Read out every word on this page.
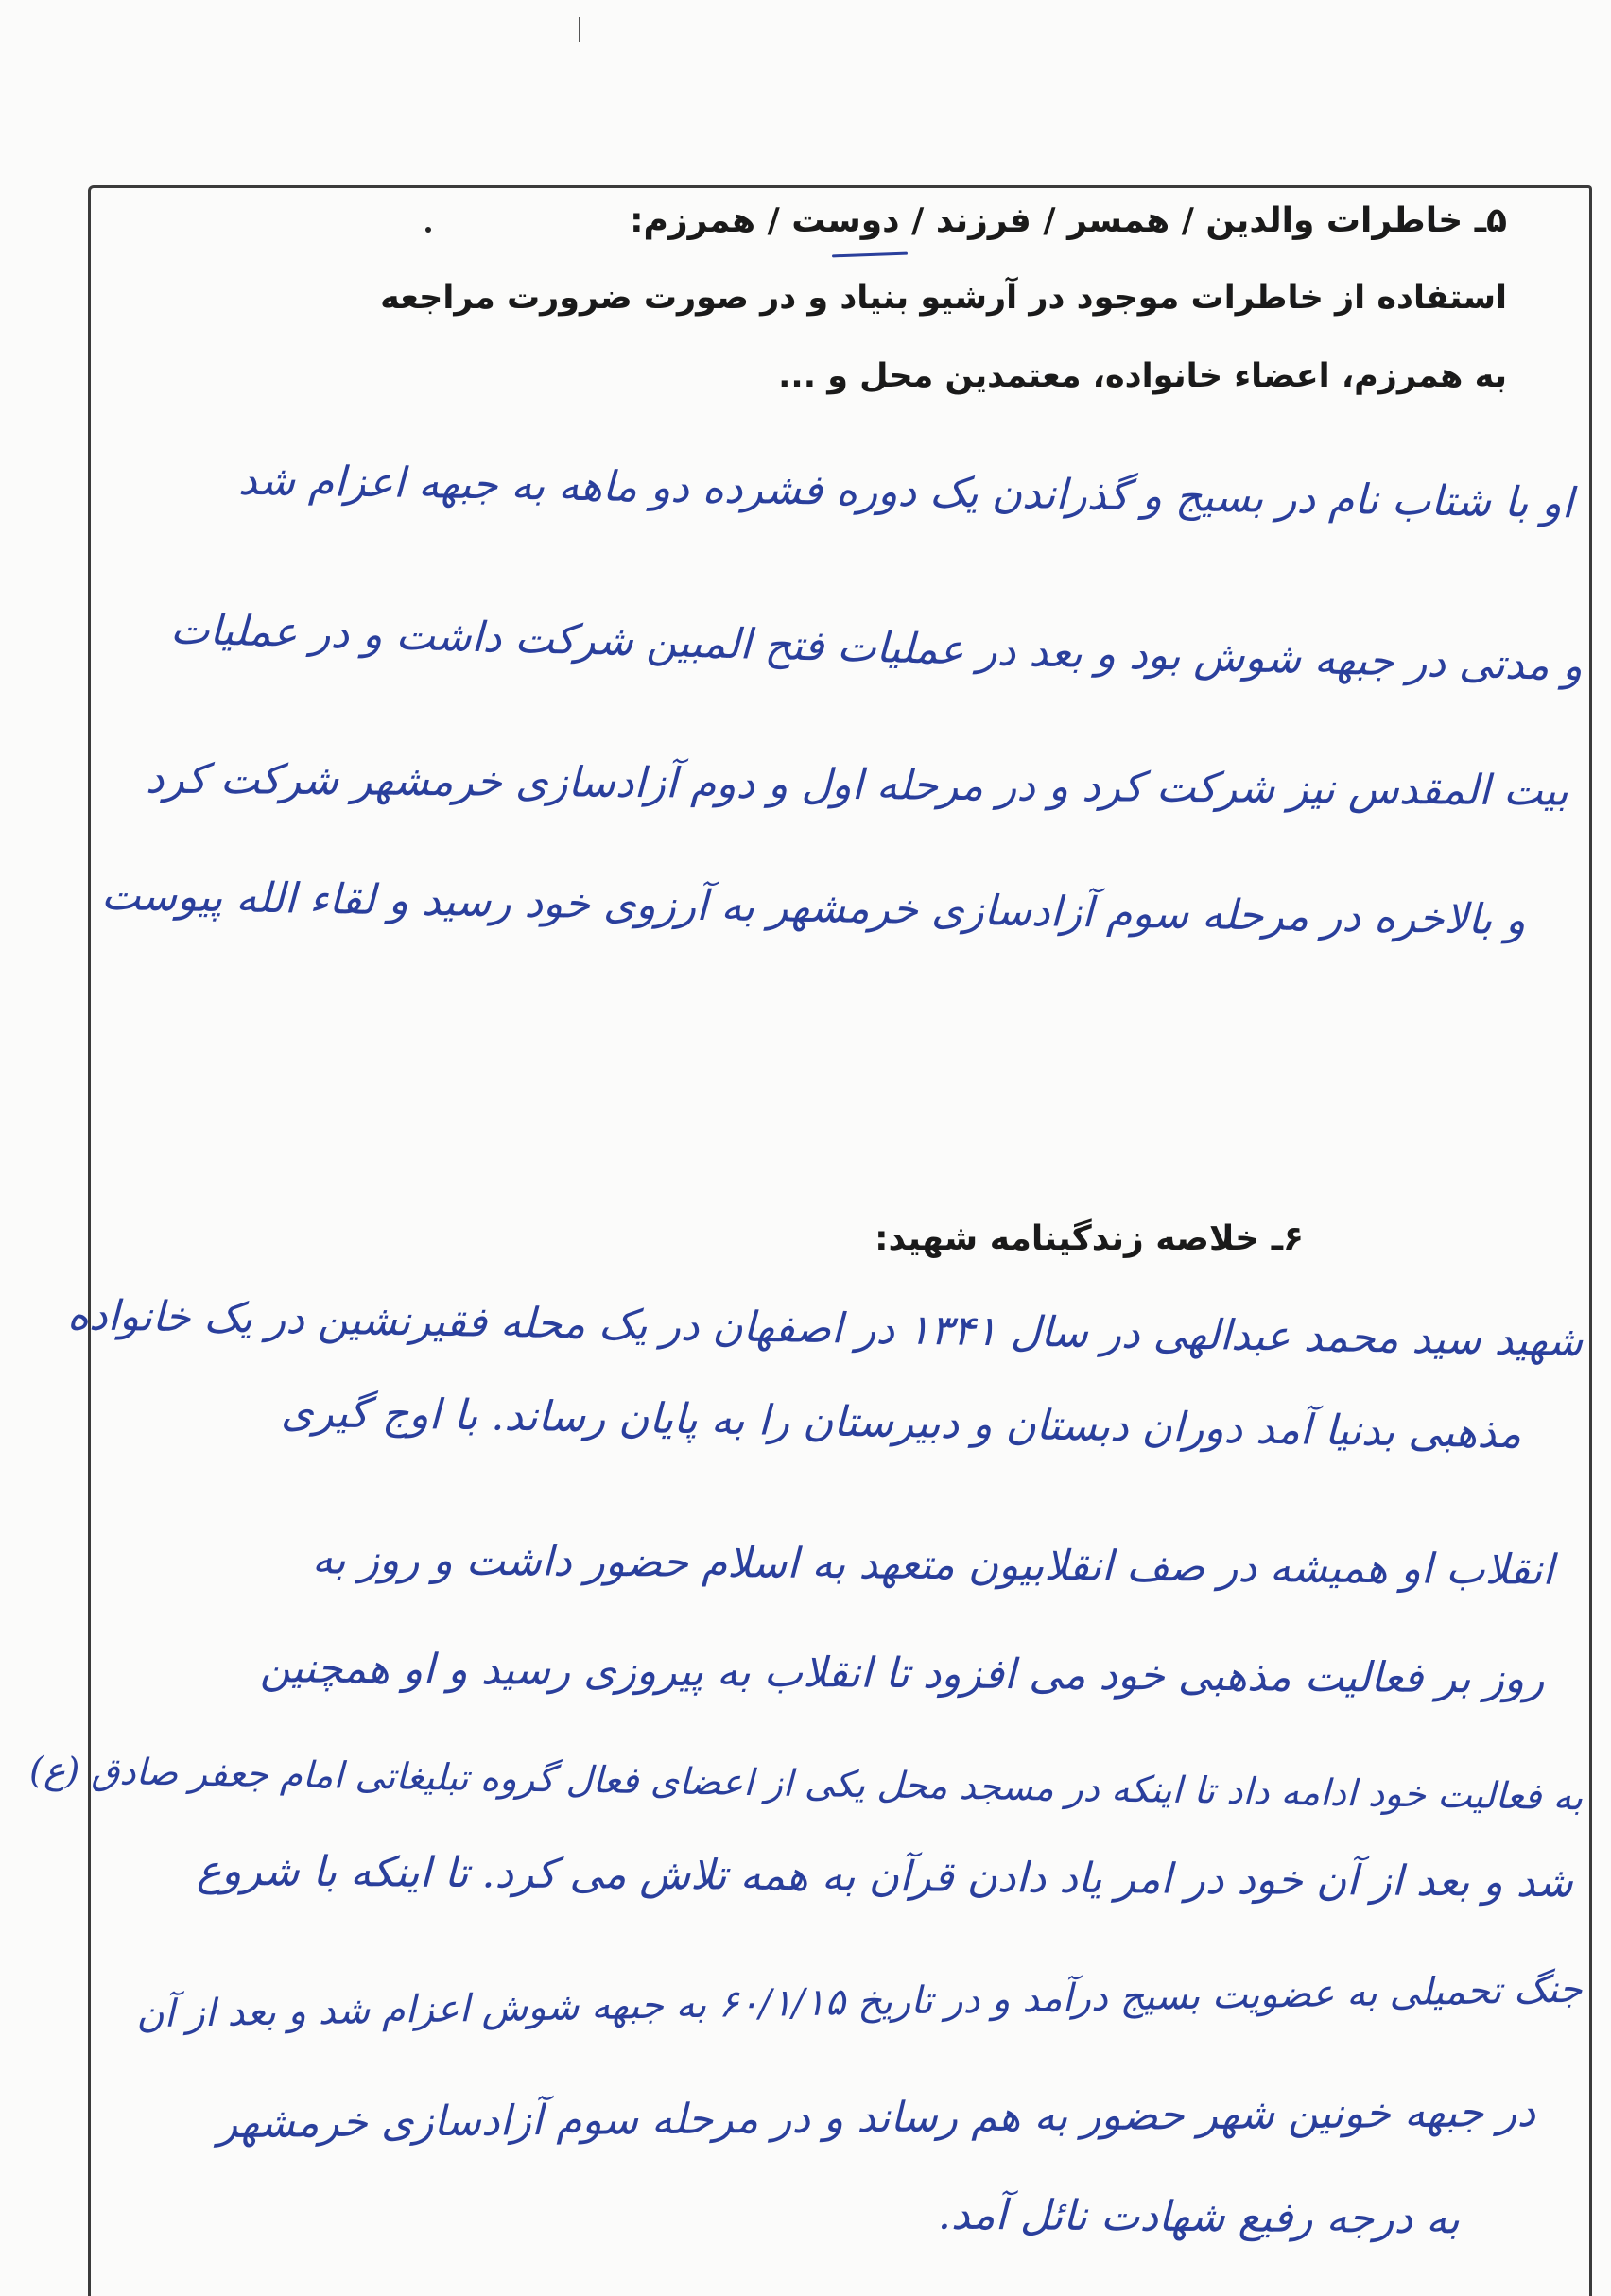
۵ـ خاطرات والدین / همسر / فرزند / دوست / همرزم:
استفاده از خاطرات موجود در آرشیو بنیاد و در صورت ضرورت مراجعه
به همرزم، اعضاء خانواده، معتمدین محل و ...
او با شتاب نام در بسیج و گذراندن یک دوره فشرده دو ماهه به جبهه اعزام شد
و مدتی در جبهه شوش بود و بعد در عملیات فتح المبین شرکت داشت و در عملیات
بیت المقدس نیز شرکت کرد و در مرحله اول و دوم آزادسازی خرمشهر شرکت کرد
و بالاخره در مرحله سوم آزادسازی خرمشهر به آرزوی خود رسید و لقاء الله پیوست
۶ـ خلاصه زندگینامه شهید:
شهید سید محمد عبدالهی در سال ۱۳۴۱ در اصفهان در یک محله فقیرنشین در یک خانواده
مذهبی بدنیا آمد دوران دبستان و دبیرستان را به پایان رساند. با اوج گیری
انقلاب او همیشه در صف انقلابیون متعهد به اسلام حضور داشت و روز به
روز بر فعالیت مذهبی خود می افزود تا انقلاب به پیروزی رسید و او همچنین
به فعالیت خود ادامه داد تا اینکه در مسجد محل یکی از اعضای فعال گروه تبلیغاتی امام جعفر صادق (ع)
شد و بعد از آن خود در امر یاد دادن قرآن به همه تلاش می کرد. تا اینکه با شروع
جنگ تحمیلی به عضویت بسیج درآمد و در تاریخ ۶۰/۱/۱۵ به جبهه شوش اعزام شد و بعد از آن
در جبهه خونین شهر حضور به هم رساند و در مرحله سوم آزادسازی خرمشهر
به درجه رفیع شهادت نائل آمد.
